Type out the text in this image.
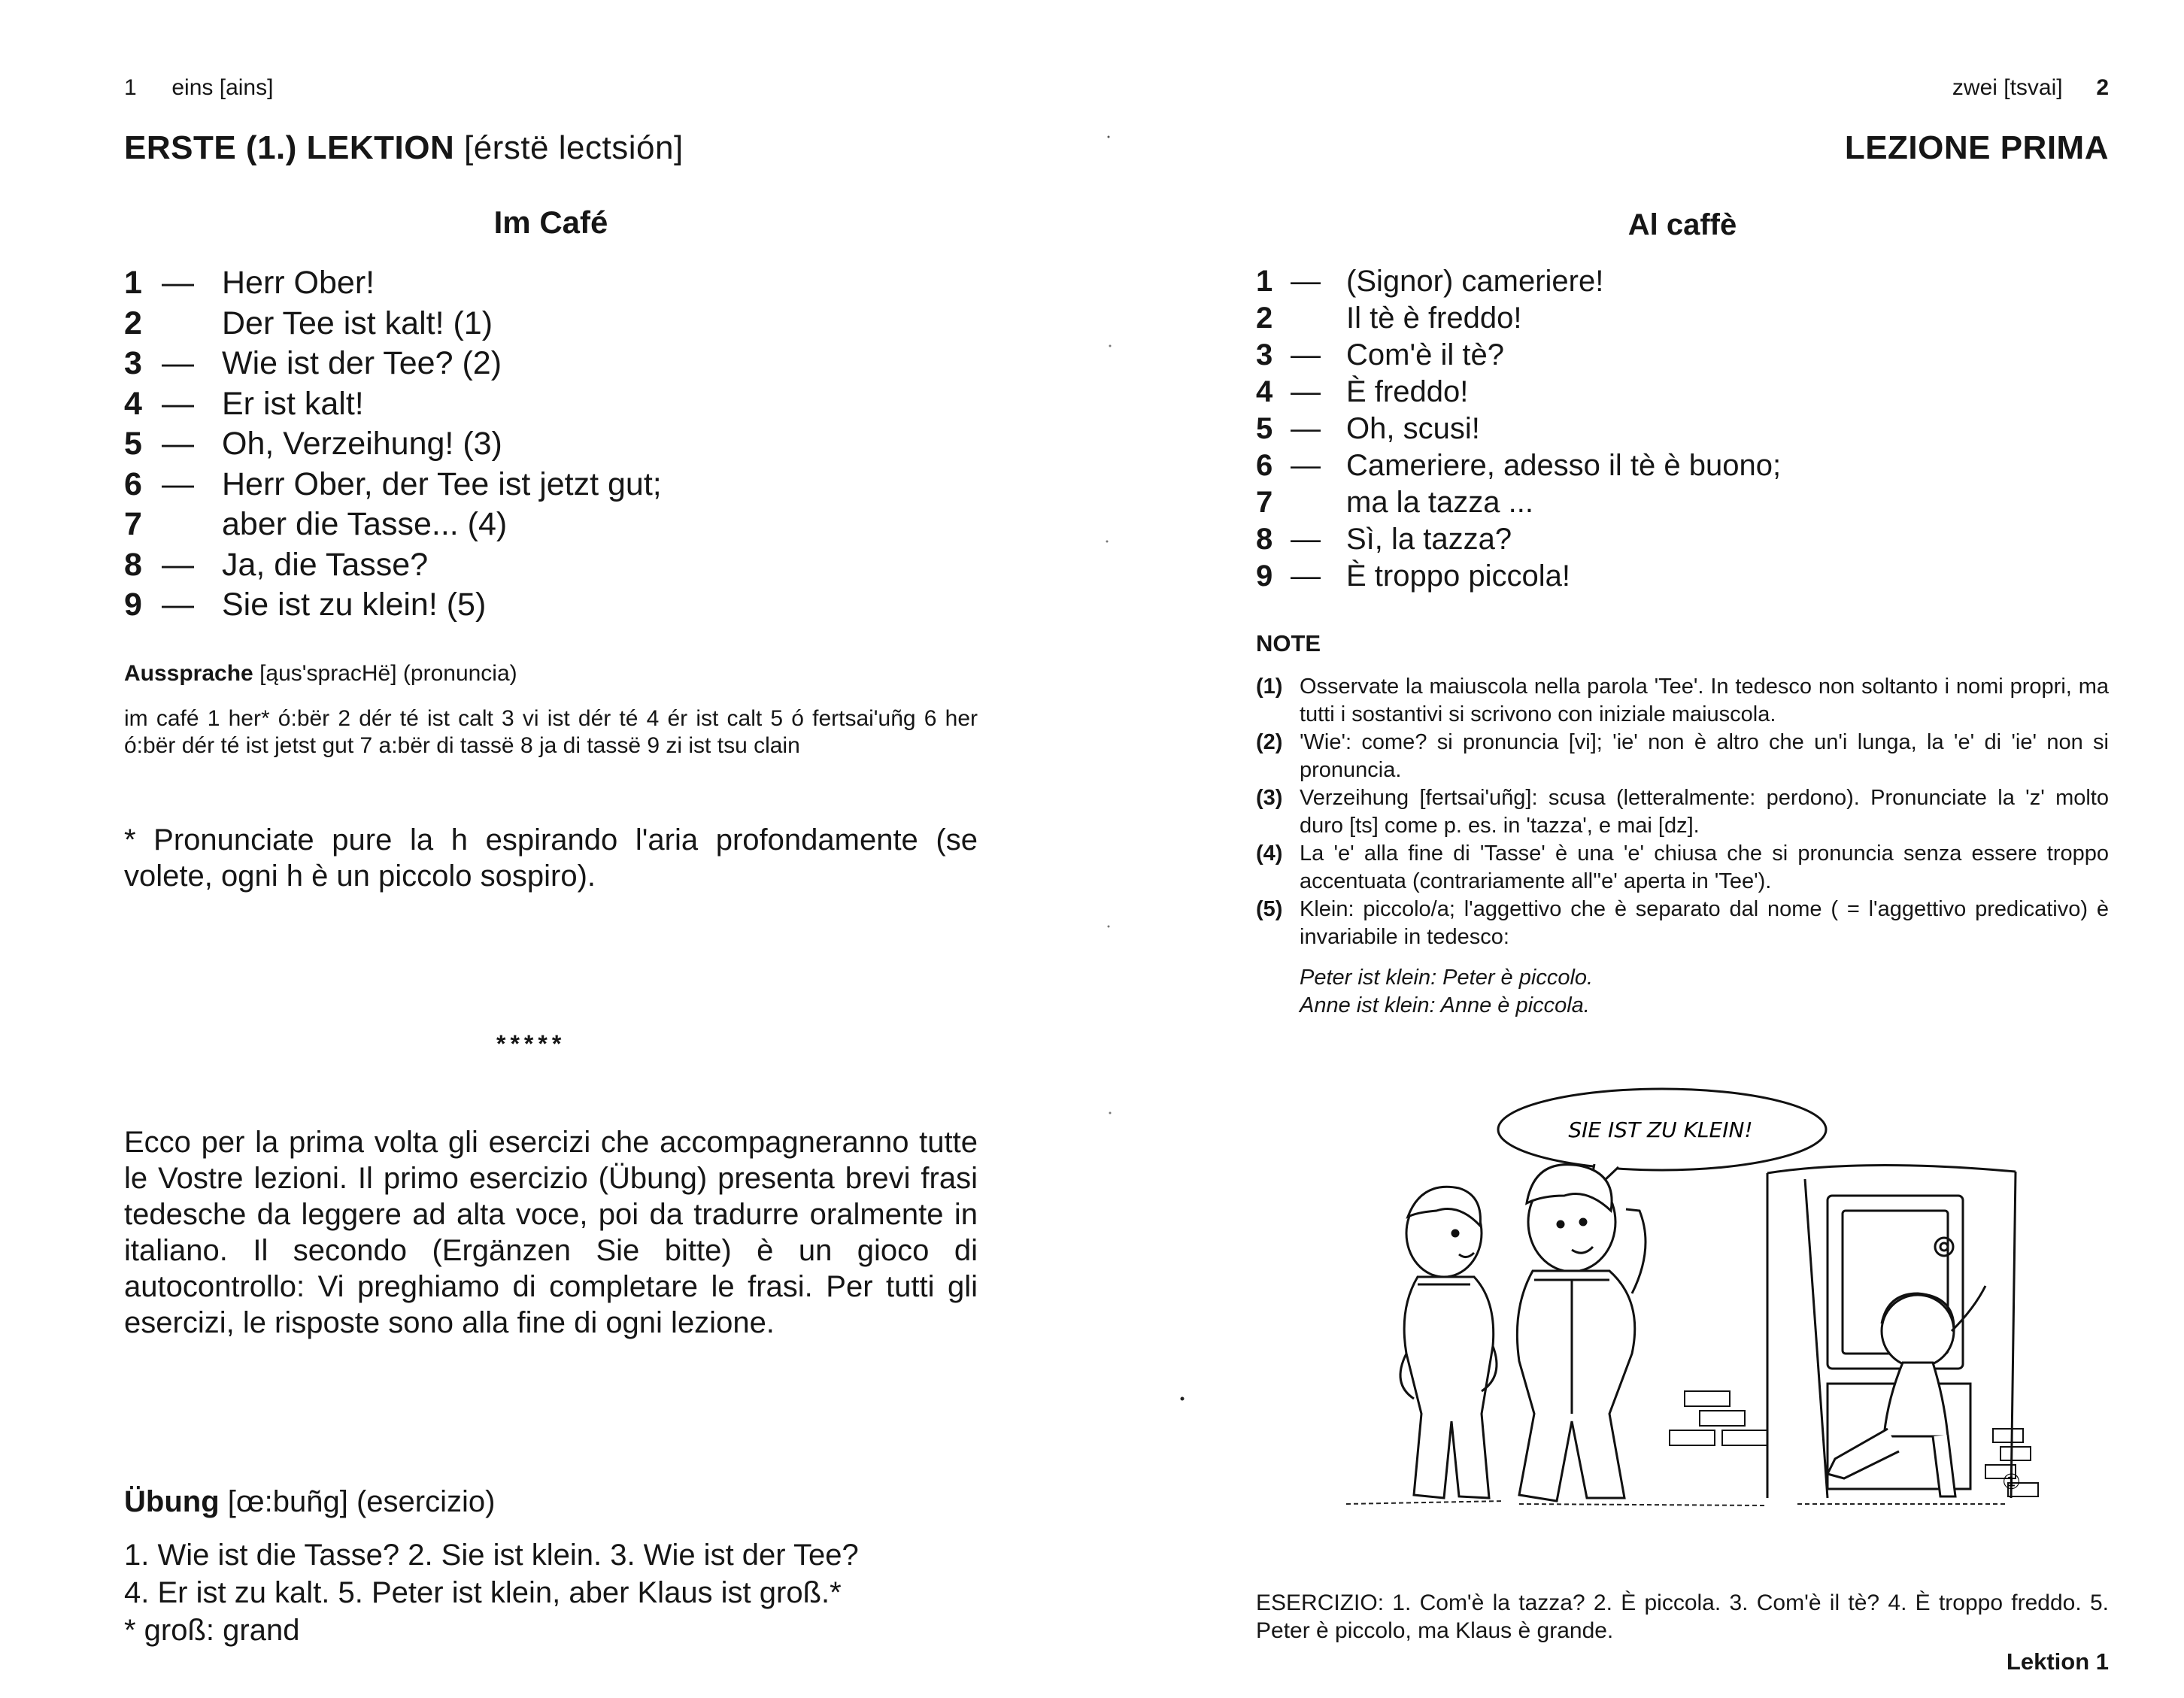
1 eins [ains]
ERSTE (1.) LEKTION [érstë lectsión]
Im Café
1 — Herr Ober!
2 Der Tee ist kalt! (1)
3 — Wie ist der Tee? (2)
4 — Er ist kalt!
5 — Oh, Verzeihung! (3)
6 — Herr Ober, der Tee ist jetzt gut;
7 aber die Tasse... (4)
8 — Ja, die Tasse?
9 — Sie ist zu klein! (5)
Aussprache [ąus'spracHë] (pronuncia)
im café 1 her* ó:bër 2 dér té ist calt 3 vi ist dér té 4 ér ist calt 5 ó fertsai'uñg 6 her ó:bër dér té ist jetst gut 7 a:bër di tassë 8 ja di tassë 9 zi ist tsu clain
* Pronunciate pure la h espirando l'aria profondamente (se volete, ogni h è un piccolo sospiro).
*****
Ecco per la prima volta gli esercizi che accompagneranno tutte le Vostre lezioni. Il primo esercizio (Übung) presenta brevi frasi tedesche da leggere ad alta voce, poi da tradurre oralmente in italiano. Il secondo (Ergänzen Sie bitte) è un gioco di autocontrollo: Vi preghiamo di completare le frasi. Per tutti gli esercizi, le risposte sono alla fine di ogni lezione.
Übung [œ:buñg] (esercizio)
1. Wie ist die Tasse? 2. Sie ist klein. 3. Wie ist der Tee?
4. Er ist zu kalt. 5. Peter ist klein, aber Klaus ist groß.*
* groß: grand
zwei [tsvai] 2
LEZIONE PRIMA
Al caffè
1 — (Signor) cameriere!
2 Il tè è freddo!
3 — Com'è il tè?
4 — È freddo!
5 — Oh, scusi!
6 — Cameriere, adesso il tè è buono;
7 ma la tazza ...
8 — Sì, la tazza?
9 — È troppo piccola!
NOTE
(1) Osservate la maiuscola nella parola 'Tee'. In tedesco non soltanto i nomi propri, ma tutti i sostantivi si scrivono con iniziale maiuscola.
(2) 'Wie': come? si pronuncia [vi]; 'ie' non è altro che un'i lunga, la 'e' di 'ie' non si pronuncia.
(3) Verzeihung [fertsai'uñg]: scusa (letteralmente: perdono). Pronunciate la 'z' molto duro [ts] come p. es. in 'tazza', e mai [dz].
(4) La 'e' alla fine di 'Tasse' è una 'e' chiusa che si pronuncia senza essere troppo accentuata (contrariamente all''e' aperta in 'Tee').
(5) Klein: piccolo/a; l'aggettivo che è separato dal nome ( = l'aggettivo predicativo) è invariabile in tedesco:
Peter ist klein: Peter è piccolo.
Anne ist klein: Anne è piccola.
SIE IST ZU KLEIN!
①
ESERCIZIO: 1. Com'è la tazza? 2. È piccola. 3. Com'è il tè? 4. È troppo freddo. 5. Peter è piccolo, ma Klaus è grande.
Lektion 1
